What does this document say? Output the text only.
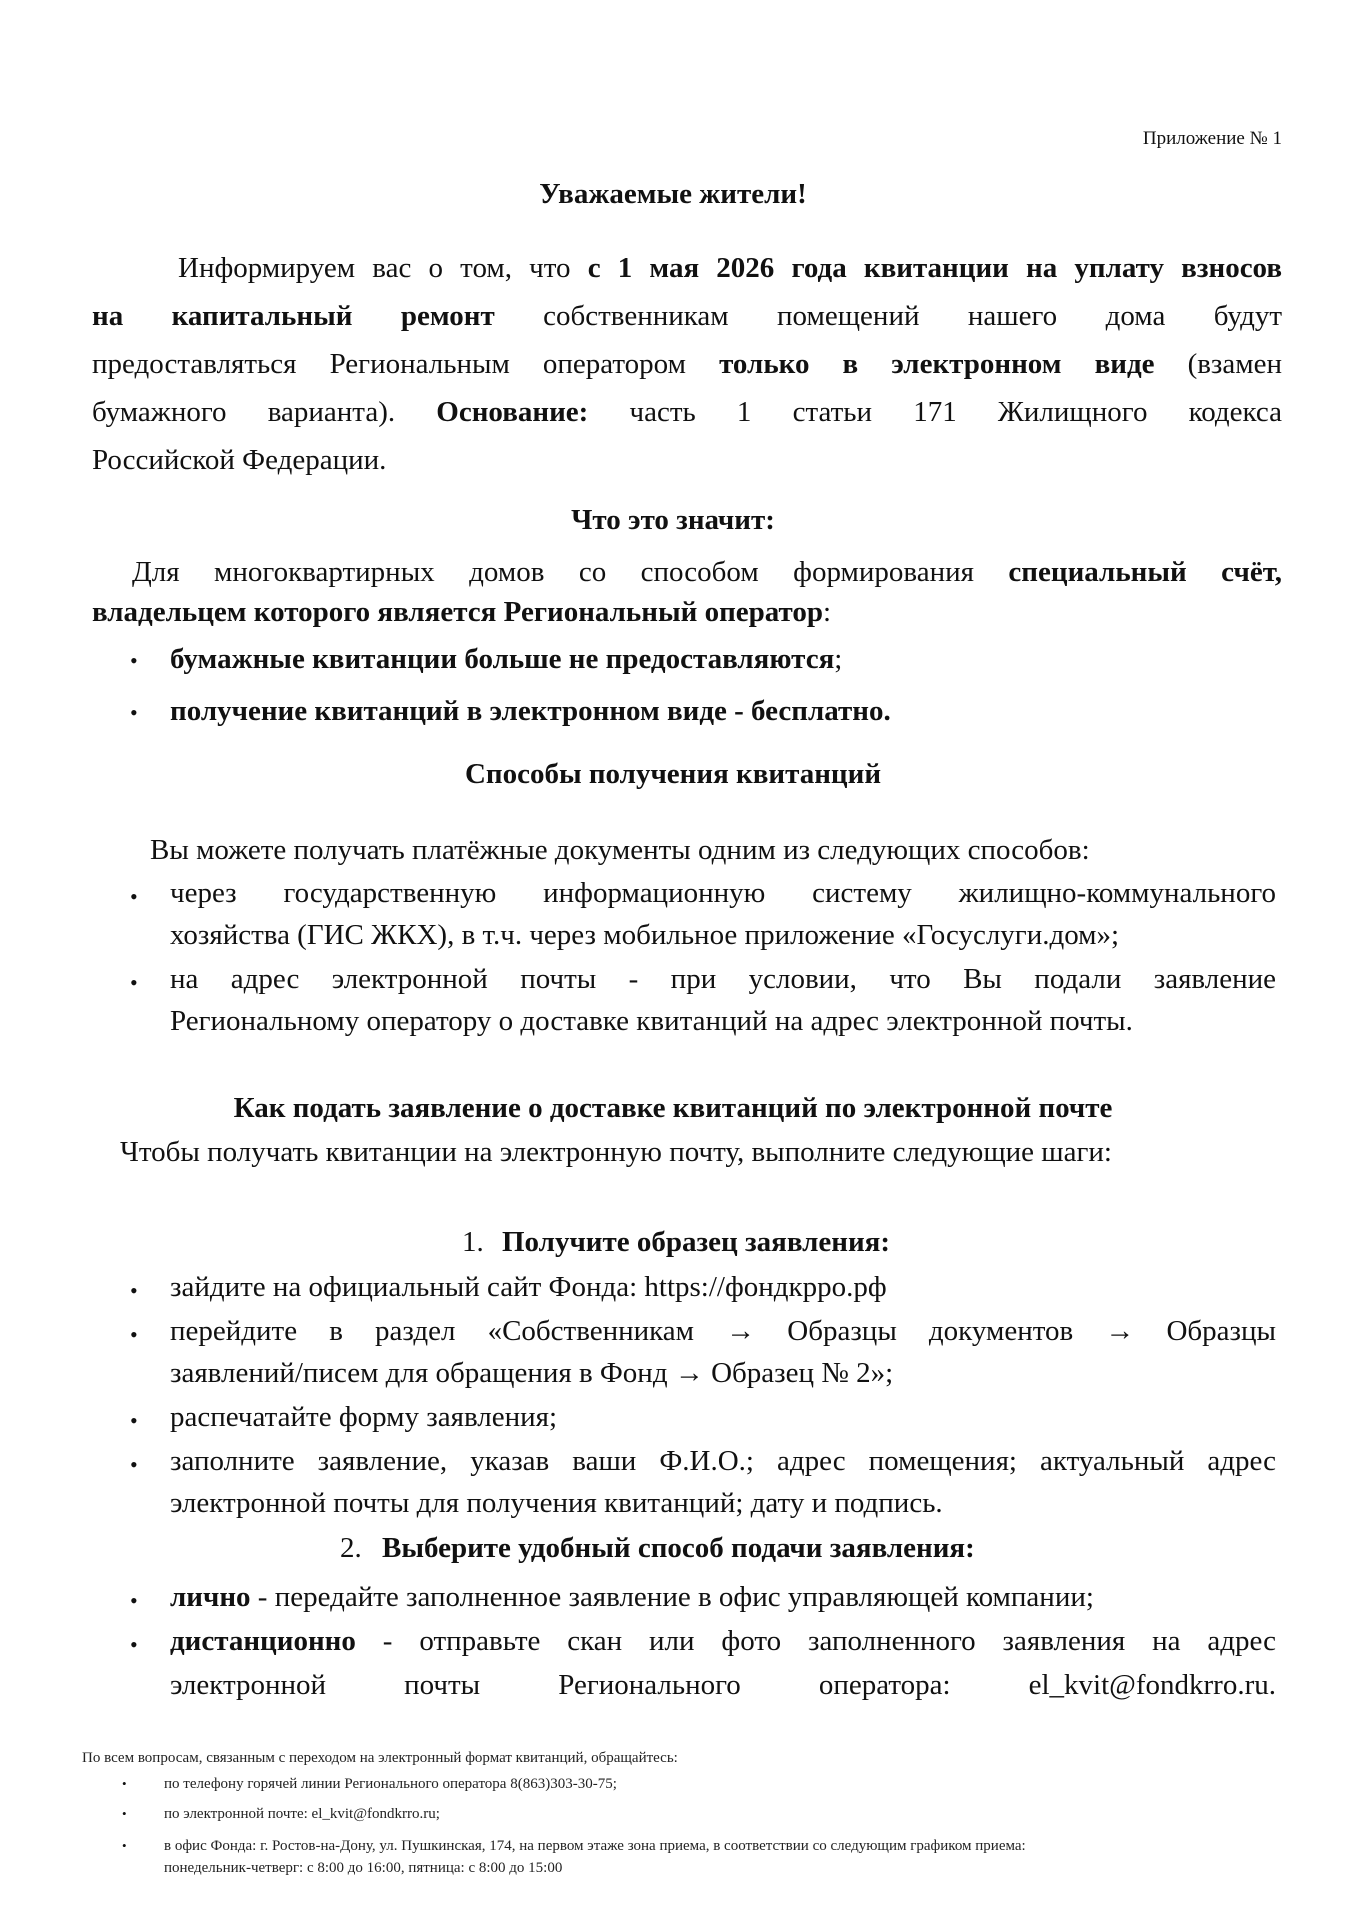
Приложение № 1
Уважаемые жители!
Информируем вас о том, что с 1 мая 2026 года квитанции на уплату взносов
на капитальный ремонт собственникам помещений нашего дома будут
предоставляться Региональным оператором только в электронном виде (взамен
бумажного варианта). Основание: часть 1 статьи 171 Жилищного кодекса
Российской Федерации.
Что это значит:
Для многоквартирных домов со способом формирования специальный счёт,
владельцем которого является Региональный оператор:
• бумажные квитанции больше не предоставляются;
• получение квитанций в электронном виде - бесплатно.
Способы получения квитанций
Вы можете получать платёжные документы одним из следующих способов:
• через государственную информационную систему жилищно-коммунального
хозяйства (ГИС ЖКХ), в т.ч. через мобильное приложение «Госуслуги.дом»;
• на адрес электронной почты - при условии, что Вы подали заявление
Региональному оператору о доставке квитанций на адрес электронной почты.
Как подать заявление о доставке квитанций по электронной почте
Чтобы получать квитанции на электронную почту, выполните следующие шаги:
1. Получите образец заявления:
• зайдите на официальный сайт Фонда: https://фондкрро.рф
• перейдите в раздел «Собственникам → Образцы документов → Образцы
заявлений/писем для обращения в Фонд → Образец № 2»;
• распечатайте форму заявления;
• заполните заявление, указав ваши Ф.И.О.; адрес помещения; актуальный адрес
электронной почты для получения квитанций; дату и подпись.
2. Выберите удобный способ подачи заявления:
• лично - передайте заполненное заявление в офис управляющей компании;
• дистанционно - отправьте скан или фото заполненного заявления на адрес
электронной почты Регионального оператора: el_kvit@fondkrro.ru.
По всем вопросам, связанным с переходом на электронный формат квитанций, обращайтесь:
• по телефону горячей линии Регионального оператора 8(863)303-30-75;
• по электронной почте: el_kvit@fondkrro.ru;
• в офис Фонда: г. Ростов-на-Дону, ул. Пушкинская, 174, на первом этаже зона приема, в соответствии со следующим графиком приема:
понедельник-четверг: с 8:00 до 16:00, пятница: с 8:00 до 15:00
